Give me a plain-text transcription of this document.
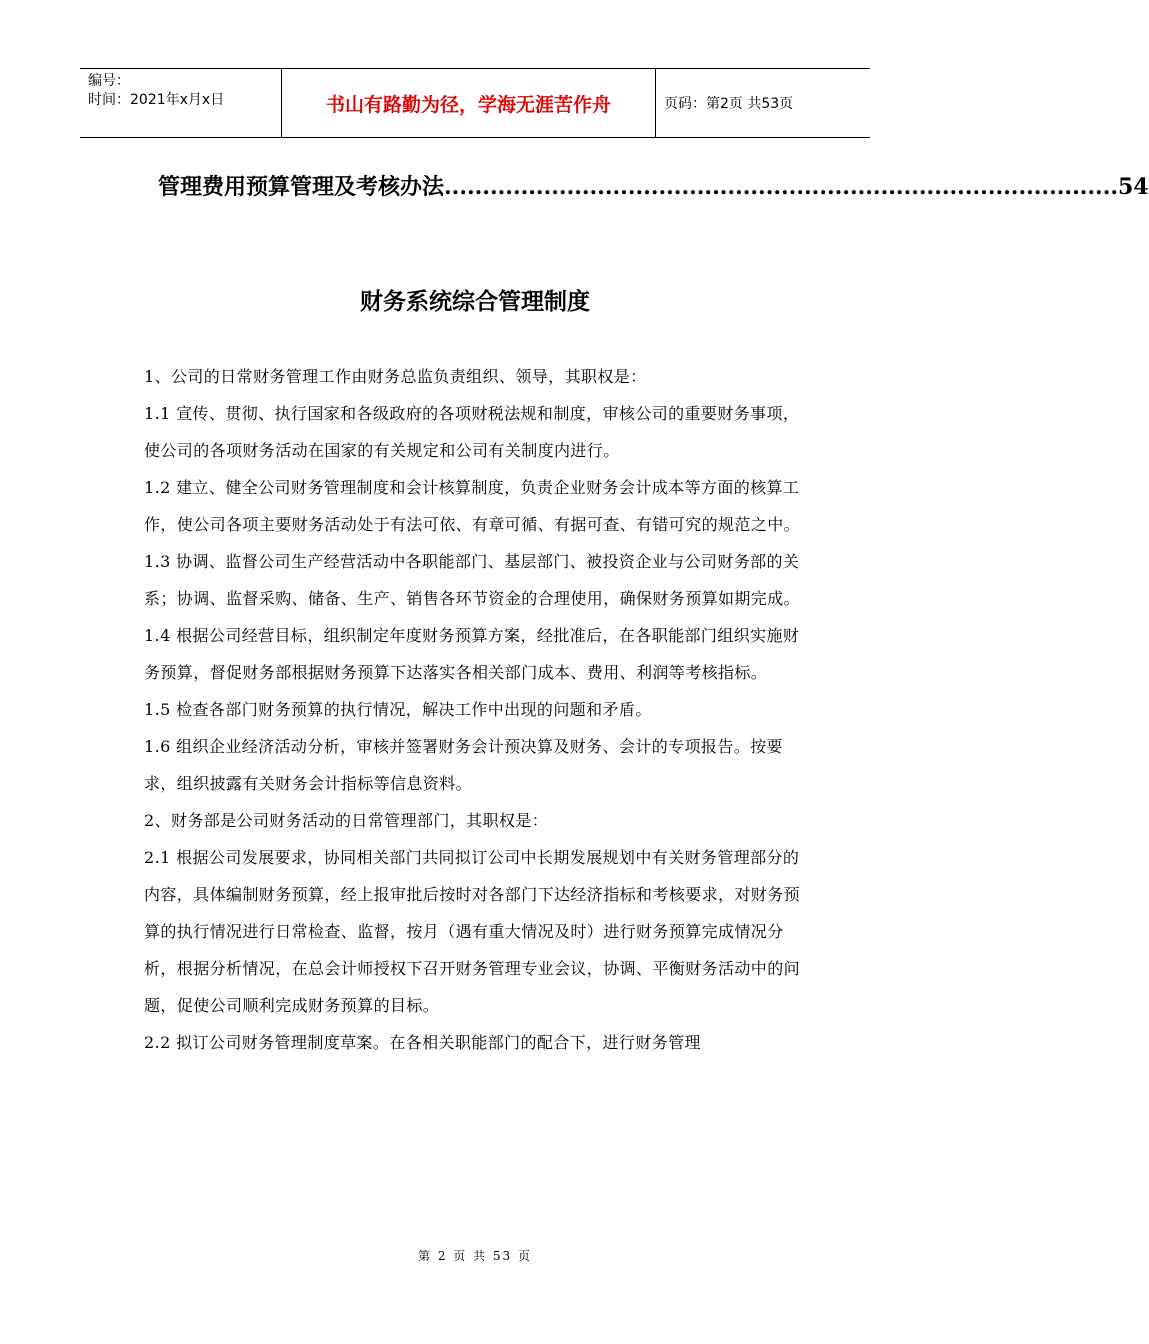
编号：
时间：2021年x月x日	书山有路勤为径，学海无涯苦作舟	页码：第2页 共53页
管理费用预算管理及考核办法 ........................................................................................ 54
财务系统综合管理制度

1、公司的日常财务管理工作由财务总监负责组织、领导，其职权是：

1.1 宣传、贯彻、执行国家和各级政府的各项财税法规和制度，审核公司的重要财务事项，使公司的各项财务活动在国家的有关规定和公司有关制度内进行。

1.2 建立、健全公司财务管理制度和会计核算制度，负责企业财务会计成本等方面的核算工作，使公司各项主要财务活动处于有法可依、有章可循、有据可查、有错可究的规范之中。

1.3 协调、监督公司生产经营活动中各职能部门、基层部门、被投资企业与公司财务部的关系；协调、监督采购、储备、生产、销售各环节资金的合理使用，确保财务预算如期完成。

1.4 根据公司经营目标，组织制定年度财务预算方案，经批准后，在各职能部门组织实施财务预算，督促财务部根据财务预算下达落实各相关部门成本、费用、利润等考核指标。

1.5 检查各部门财务预算的执行情况，解决工作中出现的问题和矛盾。

1.6 组织企业经济活动分析，审核并签署财务会计预决算及财务、会计的专项报告。按要求，组织披露有关财务会计指标等信息资料。

2、财务部是公司财务活动的日常管理部门，其职权是：

2.1 根据公司发展要求，协同相关部门共同拟订公司中长期发展规划中有关财务管理部分的内容，具体编制财务预算，经上报审批后按时对各部门下达经济指标和考核要求，对财务预算的执行情况进行日常检查、监督，按月（遇有重大情况及时）进行财务预算完成情况分析，根据分析情况，在总会计师授权下召开财务管理专业会议，协调、平衡财务活动中的问题，促使公司顺利完成财务预算的目标。

2.2 拟订公司财务管理制度草案。在各相关职能部门的配合下，进行财务管理

第 2 页 共 53 页
